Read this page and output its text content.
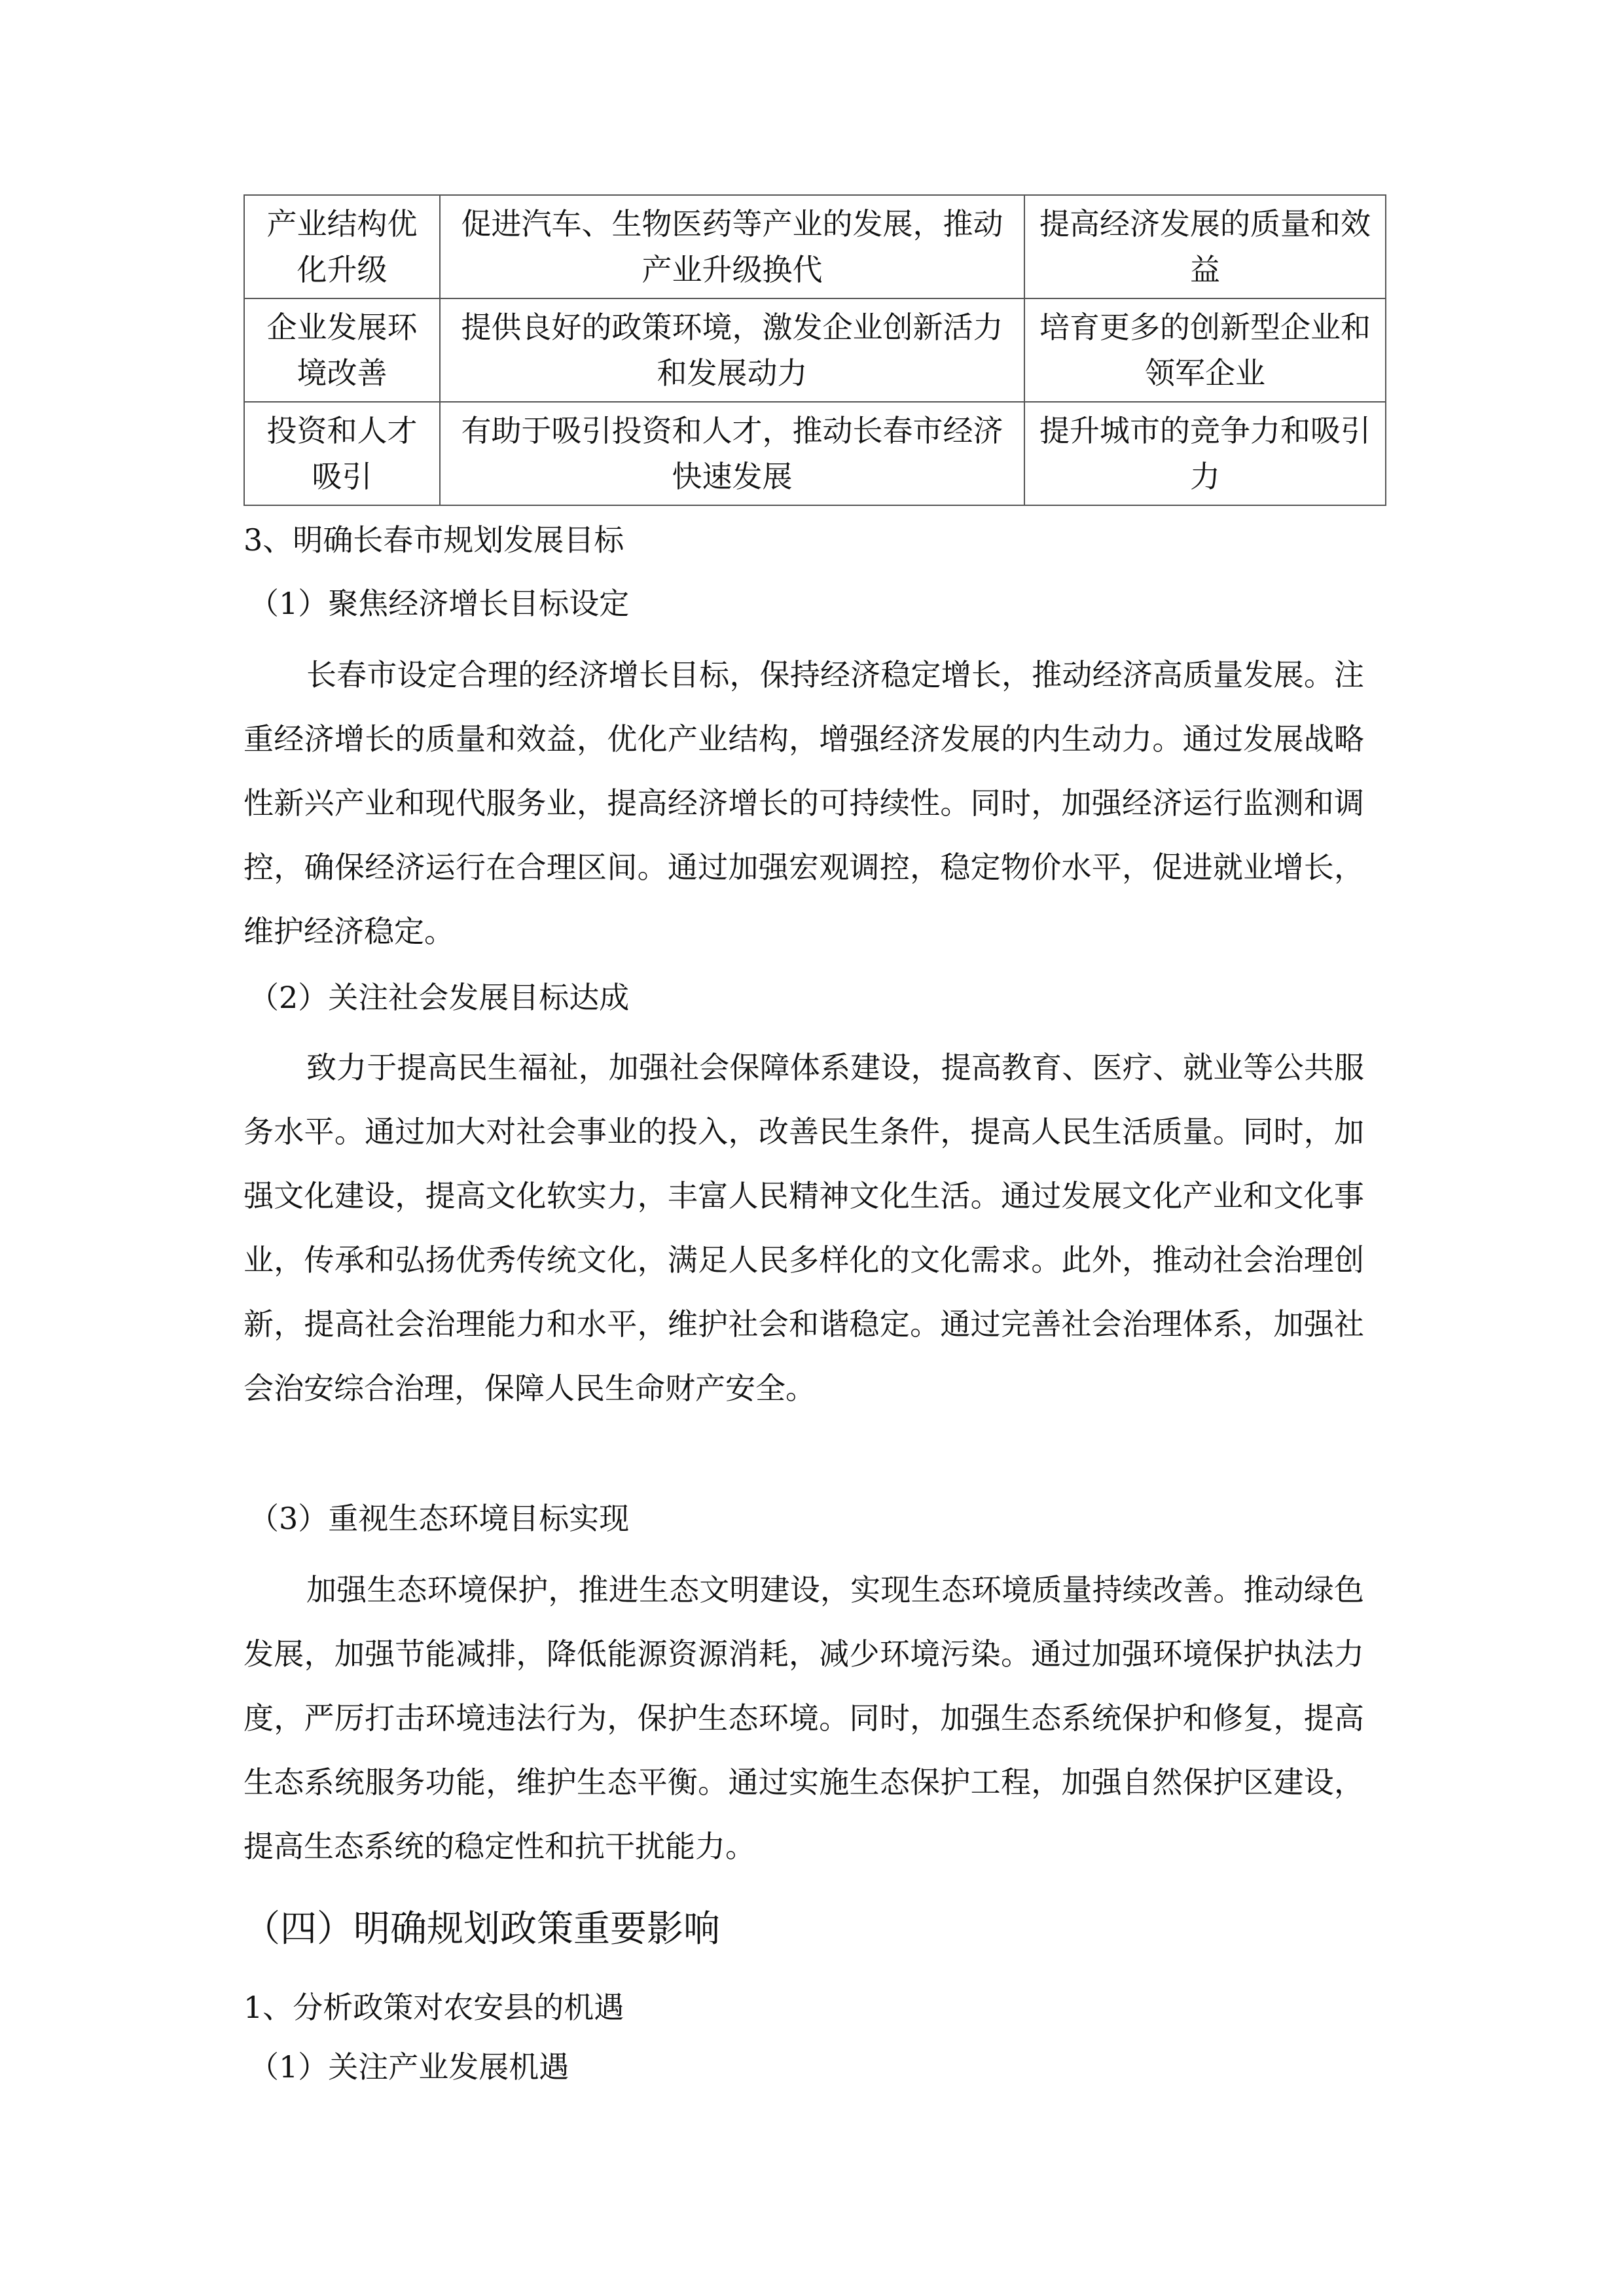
产业结构优化升级	促进汽车、生物医药等产业的发展，推动产业升级换代	提高经济发展的质量和效益
企业发展环境改善	提供良好的政策环境，激发企业创新活力和发展动力	培育更多的创新型企业和领军企业
投资和人才吸引	有助于吸引投资和人才，推动长春市经济快速发展	提升城市的竞争力和吸引力
3、明确长春市规划发展目标
（1）聚焦经济增长目标设定

长春市设定合理的经济增长目标，保持经济稳定增长，推动经济高质量发展。注重经济增长的质量和效益，优化产业结构，增强经济发展的内生动力。通过发展战略性新兴产业和现代服务业，提高经济增长的可持续性。同时，加强经济运行监测和调控，确保经济运行在合理区间。通过加强宏观调控，稳定物价水平，促进就业增长，维护经济稳定。

（2）关注社会发展目标达成

致力于提高民生福祉，加强社会保障体系建设，提高教育、医疗、就业等公共服务水平。通过加大对社会事业的投入，改善民生条件，提高人民生活质量。同时，加强文化建设，提高文化软实力，丰富人民精神文化生活。通过发展文化产业和文化事业，传承和弘扬优秀传统文化，满足人民多样化的文化需求。此外，推动社会治理创新，提高社会治理能力和水平，维护社会和谐稳定。通过完善社会治理体系，加强社会治安综合治理，保障人民生命财产安全。

（3）重视生态环境目标实现

加强生态环境保护，推进生态文明建设，实现生态环境质量持续改善。推动绿色发展，加强节能减排，降低能源资源消耗，减少环境污染。通过加强环境保护执法力度，严厉打击环境违法行为，保护生态环境。同时，加强生态系统保护和修复，提高生态系统服务功能，维护生态平衡。通过实施生态保护工程，加强自然保护区建设，提高生态系统的稳定性和抗干扰能力。

（四）明确规划政策重要影响
1、分析政策对农安县的机遇
（1）关注产业发展机遇
